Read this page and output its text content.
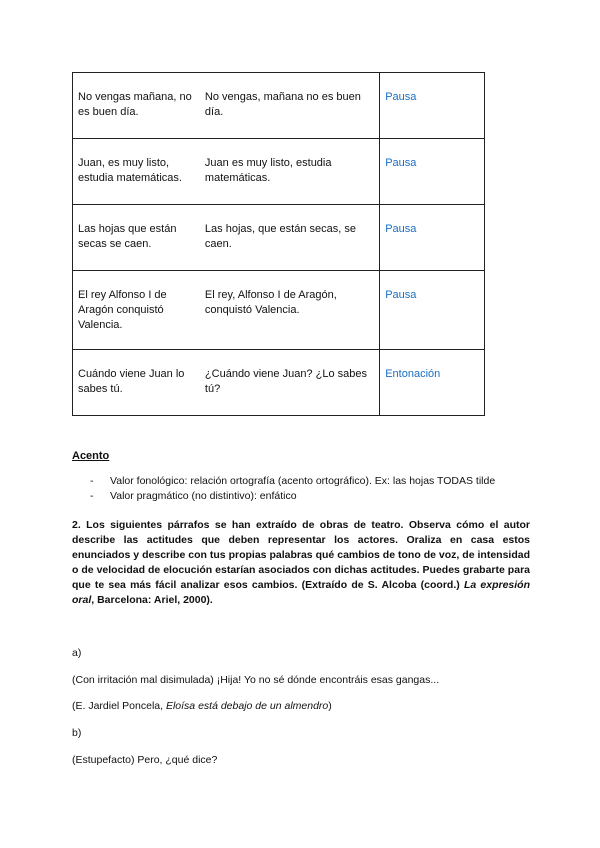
No vengas mañana, no es buen día.	No vengas, mañana no es buen día.	Pausa
Juan, es muy listo, estudia matemáticas.	Juan es muy listo, estudia matemáticas.	Pausa
Las hojas que están secas se caen.	Las hojas, que están secas, se caen.	Pausa
El rey Alfonso I de Aragón conquistó Valencia.	El rey, Alfonso I de Aragón, conquistó Valencia.	Pausa
Cuándo viene Juan lo sabes tú.	¿Cuándo viene Juan? ¿Lo sabes tú?	Entonación
Acento
- Valor fonológico: relación ortografía (acento ortográfico). Ex: las hojas TODAS tilde
- Valor pragmático (no distintivo): enfático

2. Los siguientes párrafos se han extraído de obras de teatro. Observa cómo el autor describe las actitudes que deben representar los actores. Oraliza en casa estos enunciados y describe con tus propias palabras qué cambios de tono de voz, de intensidad o de velocidad de elocución estarían asociados con dichas actitudes. Puedes grabarte para que te sea más fácil analizar esos cambios. (Extraído de S. Alcoba (coord.) La expresión oral, Barcelona: Ariel, 2000).

a)

(Con irritación mal disimulada) ¡Hija! Yo no sé dónde encontráis esas gangas...

(E. Jardiel Poncela, Eloísa está debajo de un almendro)

b)

(Estupefacto) Pero, ¿qué dice?
